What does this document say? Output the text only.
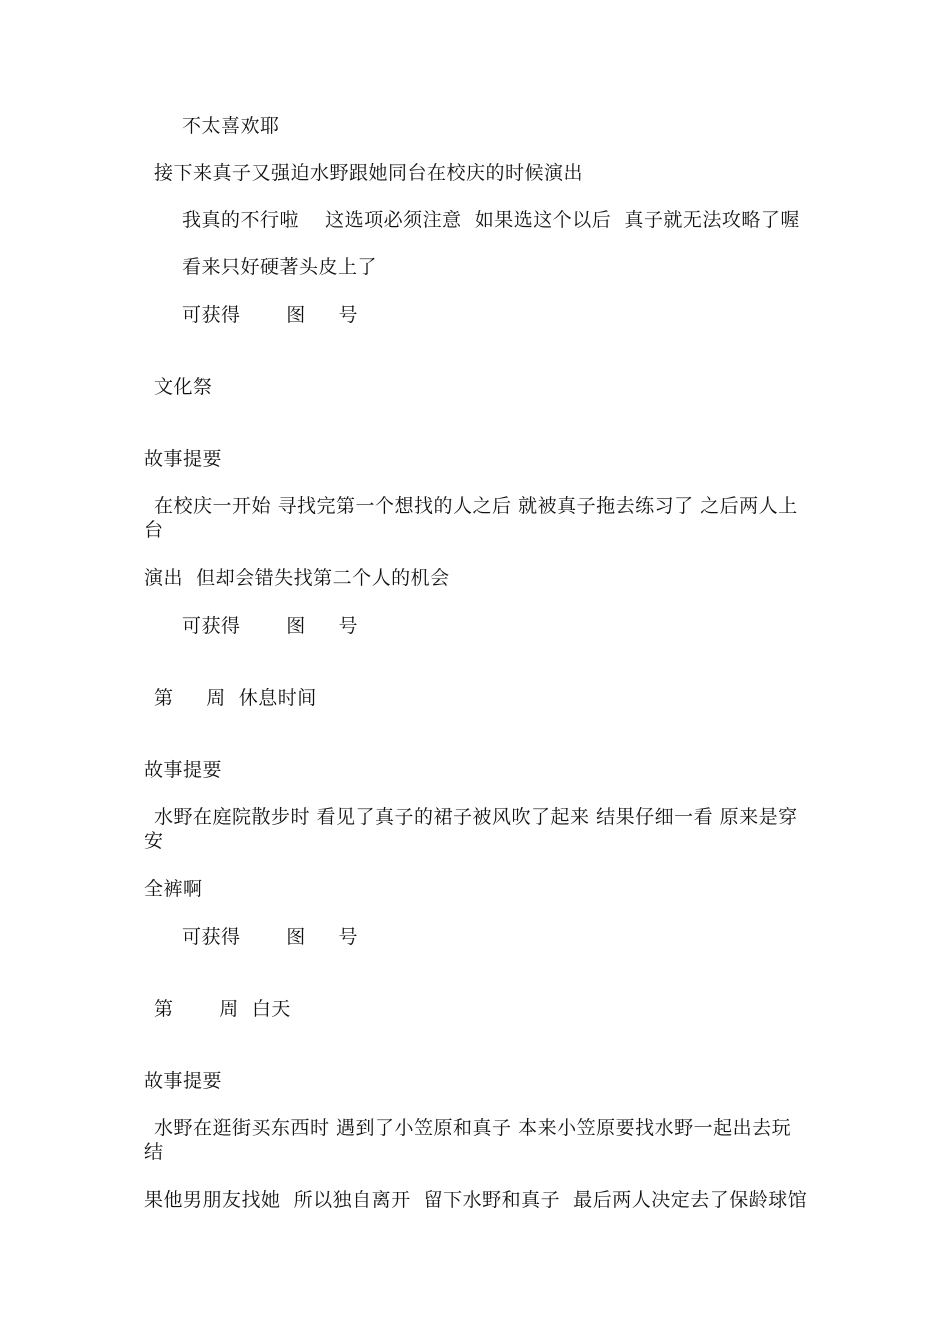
不太喜欢耶
接下来真子又强迫水野跟她同台在校庆的时候演出
我真的不行啦    这选项必须注意  如果选这个以后  真子就无法攻略了喔
看来只好硬著头皮上了
可获得       图     号
文化祭
故事提要
在校庆一开始 寻找完第一个想找的人之后 就被真子拖去练习了 之后两人上台
演出  但却会错失找第二个人的机会
可获得       图     号
第     周  休息时间
故事提要
水野在庭院散步时 看见了真子的裙子被风吹了起来 结果仔细一看 原来是穿安
全裤啊
可获得       图     号
第       周  白天
故事提要
水野在逛街买东西时 遇到了小笠原和真子 本来小笠原要找水野一起出去玩结
果他男朋友找她  所以独自离开  留下水野和真子  最后两人决定去了保龄球馆
